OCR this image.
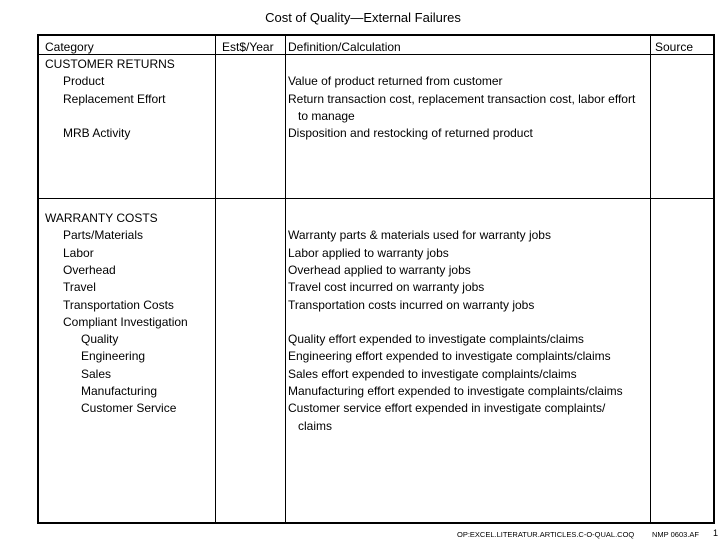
Cost of Quality—External Failures
Category	Est$/Year Definition/Calculation	Source
CUSTOMER RETURNS
Product
Replacement Effort
MRB Activity
Value of product returned from customer
Return transaction cost, replacement transaction cost, labor effort
to manage
Disposition and restocking of returned product
WARRANTY COSTS
Parts/Materials
Labor
Overhead
Travel
Transportation Costs
Compliant Investigation
Quality
Engineering
Sales
Manufacturing
Customer Service
Warranty parts & materials used for warranty jobs
Labor applied to warranty jobs
Overhead applied to warranty jobs
Travel cost incurred on warranty jobs
Transportation costs incurred on warranty jobs
Quality effort expended to investigate complaints/claims
Engineering effort expended to investigate complaints/claims
Sales effort expended to investigate complaints/claims
Manufacturing effort expended to investigate complaints/claims
Customer service effort expended in investigate complaints/
claims
OP:EXCEL.LITERATUR.ARTICLES.C-O-QUAL.COQ NMP 0603.AF 1
